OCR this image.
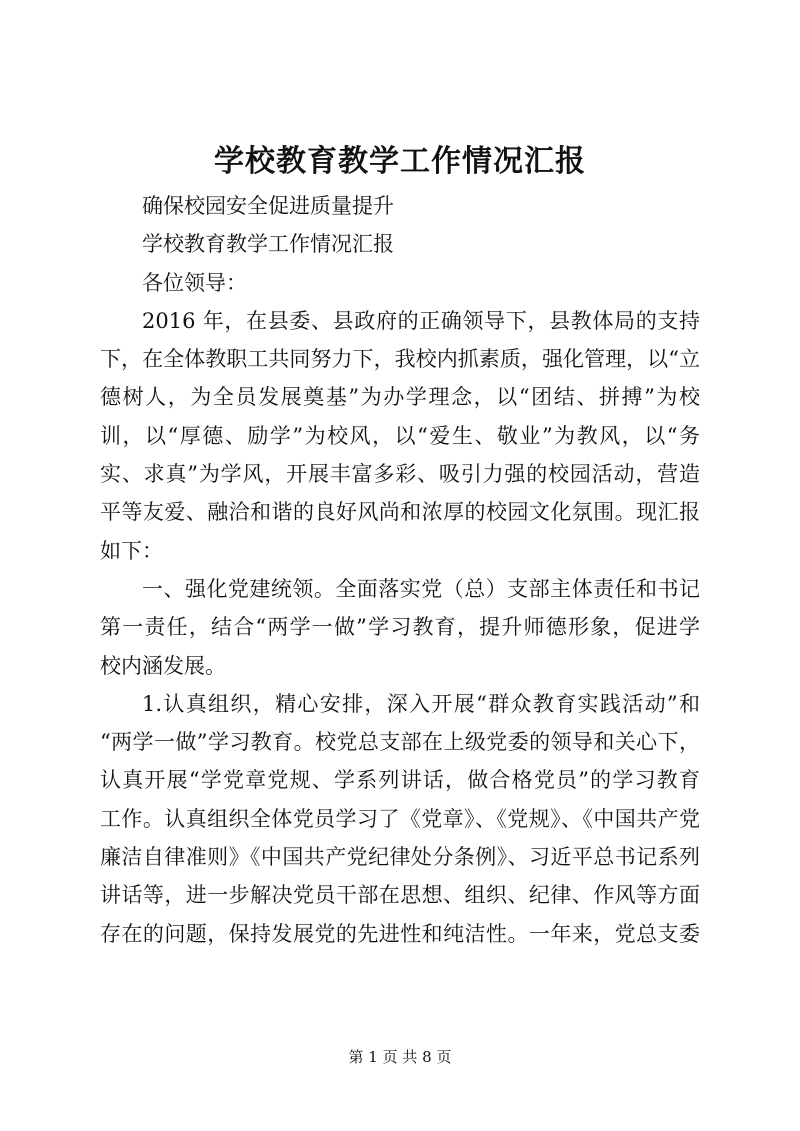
学校教育教学工作情况汇报
确保校园安全促进质量提升
学校教育教学工作情况汇报
各位领导：
2016 年，在县委、县政府的正确领导下，县教体局的支持
下，在全体教职工共同努力下，我校内抓素质，强化管理，以“立
德树人，为全员发展奠基”为办学理念，以“团结、拼搏”为校
训，以“厚德、励学”为校风，以“爱生、敬业”为教风，以“务
实、求真”为学风，开展丰富多彩、吸引力强的校园活动，营造
平等友爱、融洽和谐的良好风尚和浓厚的校园文化氛围。现汇报
如下：
一、强化党建统领。全面落实党（总）支部主体责任和书记
第一责任，结合“两学一做”学习教育，提升师德形象，促进学
校内涵发展。
1.认真组织，精心安排，深入开展“群众教育实践活动”和
“两学一做”学习教育。校党总支部在上级党委的领导和关心下，
认真开展“学党章党规、学系列讲话，做合格党员”的学习教育
工作。认真组织全体党员学习了《党章》、《党规》、《中国共产党
廉洁自律准则》《中国共产党纪律处分条例》、习近平总书记系列
讲话等，进一步解决党员干部在思想、组织、纪律、作风等方面
存在的问题，保持发展党的先进性和纯洁性。一年来，党总支委
第 1 页 共 8 页
